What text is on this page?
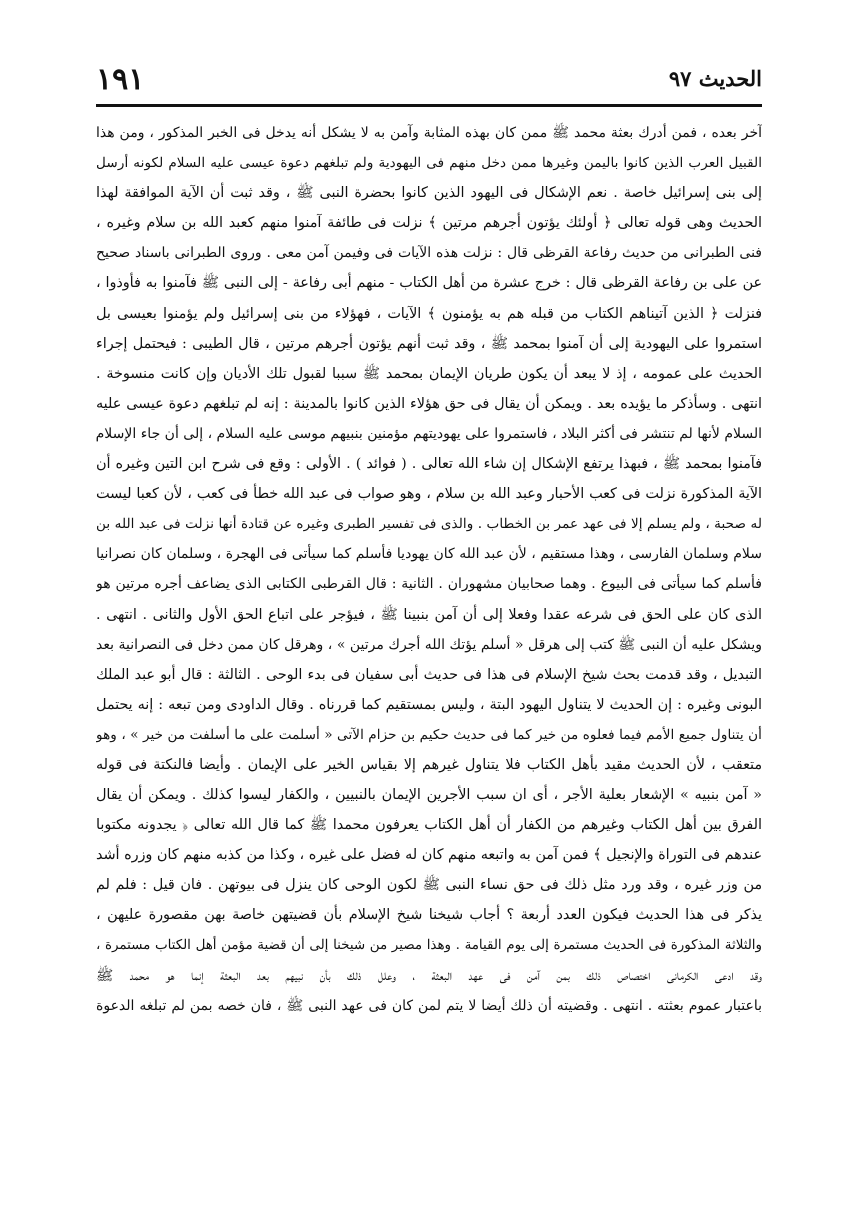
الحديث ٩٧
١٩١
آخر بعده ، فمن أدرك بعثة محمد ﷺ ممن كان بهذه المثابة وآمن به لا يشكل أنه يدخل فى الخبر المذكور ، ومن هذا
القبيل العرب الذين كانوا باليمن وغيرها ممن دخل منهم فى اليهودية ولم تبلغهم دعوة عيسى عليه السلام لكونه أرسل
إلى بنى إسرائيل خاصة . نعم الإشكال فى اليهود الذين كانوا بحضرة النبى ﷺ ، وقد ثبت أن الآية الموافقة لهذا
الحديث وهى قوله تعالى ﴿ أولئك يؤتون أجرهم مرتين ﴾ نزلت فى طائفة آمنوا منهم كعبد الله بن سلام وغيره ،
فنى الطبرانى من حديث رفاعة القرظى قال : نزلت هذه الآيات فى وفيمن آمن معى . وروى الطبرانى باسناد صحيح
عن على بن رفاعة القرظى قال : خرج عشرة من أهل الكتاب - منهم أبى رفاعة - إلى النبى ﷺ فآمنوا به فأوذوا ،
فنزلت ﴿ الذين آتيناهم الكتاب من قبله هم به يؤمنون ﴾ الآيات ، فهؤلاء من بنى إسرائيل ولم يؤمنوا بعيسى بل
استمروا على اليهودية إلى أن آمنوا بمحمد ﷺ ، وقد ثبت أنهم يؤتون أجرهم مرتين ، قال الطيبى : فيحتمل إجراء
الحديث على عمومه ، إذ لا يبعد أن يكون طريان الإيمان بمحمد ﷺ سببا لقبول تلك الأديان وإن كانت منسوخة .
انتهى . وسأذكر ما يؤيده بعد . ويمكن أن يقال فى حق هؤلاء الذين كانوا بالمدينة : إنه لم تبلغهم دعوة عيسى عليه
السلام لأنها لم تنتشر فى أكثر البلاد ، فاستمروا على يهوديتهم مؤمنين بنبيهم موسى عليه السلام ، إلى أن جاء الإسلام
فآمنوا بمحمد ﷺ ، فبهذا يرتفع الإشكال إن شاء الله تعالى . ( فوائد ) . الأولى : وقع فى شرح ابن التين وغيره أن
الآية المذكورة نزلت فى كعب الأحبار وعبد الله بن سلام ، وهو صواب فى عبد الله خطأ فى كعب ، لأن كعبا ليست
له صحبة ، ولم يسلم إلا فى عهد عمر بن الخطاب . والذى فى تفسير الطبرى وغيره عن قتادة أنها نزلت فى عبد الله بن
سلام وسلمان الفارسى ، وهذا مستقيم ، لأن عبد الله كان يهوديا فأسلم كما سيأتى فى الهجرة ، وسلمان كان نصرانيا
فأسلم كما سيأتى فى البيوع . وهما صحابيان مشهوران . الثانية : قال القرطبى الكتابى الذى يضاعف أجره مرتين هو
الذى كان على الحق فى شرعه عقدا وفعلا إلى أن آمن بنبينا ﷺ ، فيؤجر على اتباع الحق الأول والثانى . انتهى .
ويشكل عليه أن النبى ﷺ كتب إلى هرقل « أسلم يؤتك الله أجرك مرتين » ، وهرقل كان ممن دخل فى النصرانية بعد
التبديل ، وقد قدمت بحث شيخ الإسلام فى هذا فى حديث أبى سفيان فى بدء الوحى . الثالثة : قال أبو عبد الملك
البونى وغيره : إن الحديث لا يتناول اليهود البتة ، وليس بمستقيم كما قررناه . وقال الداودى ومن تبعه : إنه يحتمل
أن يتناول جميع الأمم فيما فعلوه من خير كما فى حديث حكيم بن حزام الآتى « أسلمت على ما أسلفت من خير » ، وهو
متعقب ، لأن الحديث مقيد بأهل الكتاب فلا يتناول غيرهم إلا بقياس الخير على الإيمان . وأيضا فالنكتة فى قوله
« آمن بنبيه » الإشعار بعلية الأجر ، أى ان سبب الأجرين الإيمان بالنبيين ، والكفار ليسوا كذلك . ويمكن أن يقال
الفرق بين أهل الكتاب وغيرهم من الكفار أن أهل الكتاب يعرفون محمدا ﷺ كما قال الله تعالى ﴿ يجدونه مكتوبا
عندهم فى التوراة والإنجيل ﴾ فمن آمن به واتبعه منهم كان له فضل على غيره ، وكذا من كذبه منهم كان وزره أشد
من وزر غيره ، وقد ورد مثل ذلك فى حق نساء النبى ﷺ لكون الوحى كان ينزل فى بيوتهن . فان قيل : فلم لم
يذكر فى هذا الحديث فيكون العدد أربعة ؟ أجاب شيخنا شيخ الإسلام بأن قضيتهن خاصة بهن مقصورة عليهن ،
والثلاثة المذكورة فى الحديث مستمرة إلى يوم القيامة . وهذا مصير من شيخنا إلى أن قضية مؤمن أهل الكتاب مستمرة ،
وقد ادعى الكرمانى اختصاص ذلك بمن آمن فى عهد البعثة ، وعلل ذلك بأن نبيهم بعد البعثة إنما هو محمد ﷺ
باعتبار عموم بعثته . انتهى . وقضيته أن ذلك أيضا لا يتم لمن كان فى عهد النبى ﷺ ، فان خصه بمن لم تبلغه الدعوة
